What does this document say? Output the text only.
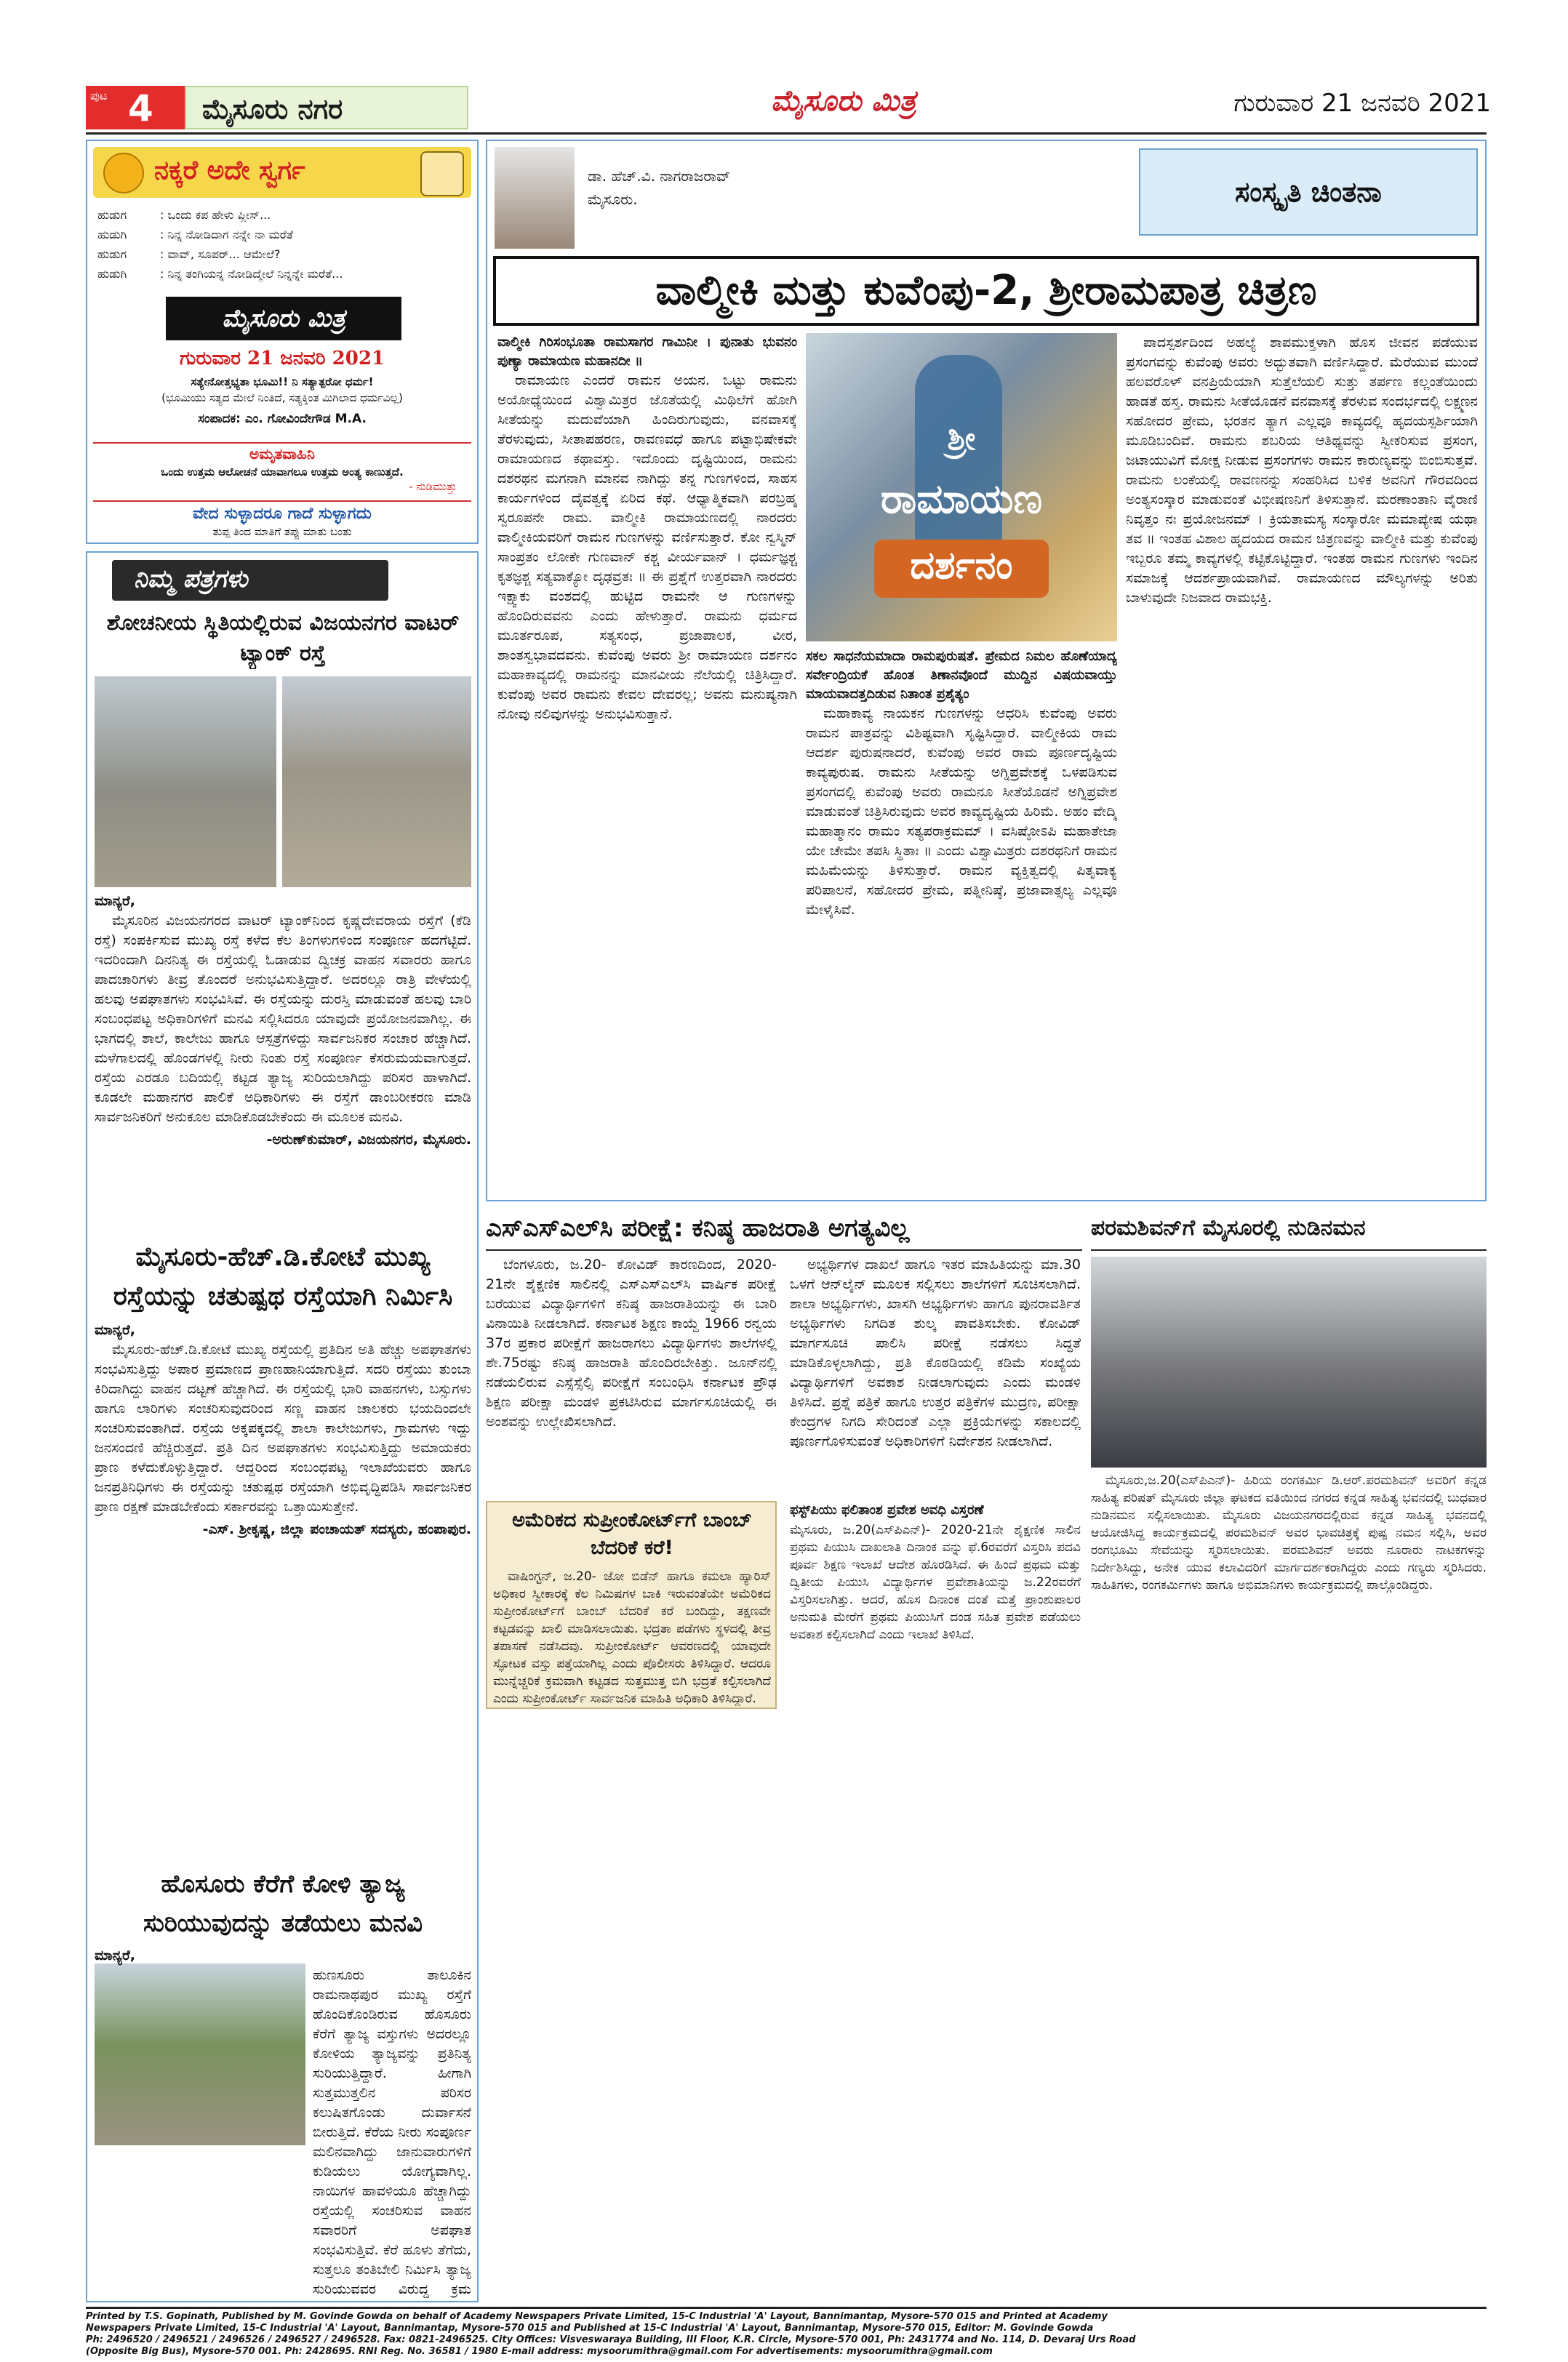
ಪುಟ 4 ಮೈಸೂರು ನಗರ	ಮೈಸೂರು ಮಿತ್ರ	ಗುರುವಾರ 21 ಜನವರಿ 2021
ನಕ್ಕರೆ ಅದೇ ಸ್ವರ್ಗ
ಹುಡುಗ	: ಒಂದು ಕಪ ಹೇಳು ಪ್ಲೀಸ್...
ಹುಡುಗಿ	: ನಿನ್ನ ನೋಡಿದಾಗ ನನ್ನೇ ನಾ ಮರೆತೆ
ಹುಡುಗ	: ವಾವ್, ಸೂಪರ್... ಆಮೇಲೆ?
ಹುಡುಗಿ	: ನಿನ್ನ ತಂಗಿಯನ್ನ ನೋಡಿದ್ಮೇಲೆ ನಿನ್ನನ್ನೇ ಮರೆತೆ...
ಮೈಸೂರು ಮಿತ್ರ
ಗುರುವಾರ 21 ಜನವರಿ 2021
ಸತ್ಯೇನೋತ್ತಭ್ಯತಾ ಭೂಮಿ!! ನಿ ಸತ್ಯಾತ್ಪರೋ ಧರ್ಮ!
(ಭೂಮಿಯು ಸತ್ಯದ ಮೇಲೆ ನಿಂತಿದೆ, ಸತ್ಯಕ್ಕಿಂತ ಮಿಗಿಲಾದ ಧರ್ಮವಿಲ್ಲ)
ಸಂಪಾದಕ: ಎಂ. ಗೋವಿಂದೇಗೌಡ M.A.
ಅಮೃತವಾಹಿನಿ
ಒಂದು ಉತ್ತಮ ಆಲೋಚನೆ ಯಾವಾಗಲೂ ಉತ್ತಮ ಅಂತ್ಯ ಕಾಣುತ್ತದೆ.
- ನುಡಿಮುತ್ತು
ವೇದ ಸುಳ್ಳಾದರೂ ಗಾದೆ ಸುಳ್ಳಾಗದು
ತುಪ್ಪ ತಿಂದ ಮಾತಿಗೆ ತಪ್ಪು ಮಾತು ಬಂತು
ನಿಮ್ಮ ಪತ್ರಗಳು
ಶೋಚನೀಯ ಸ್ಥಿತಿಯಲ್ಲಿರುವ ವಿಜಯನಗರ ವಾಟರ್ ಟ್ಯಾಂಕ್ ರಸ್ತೆ

ಮಾನ್ಯರೆ,

ಮೈಸೂರಿನ ವಿಜಯನಗರದ ವಾಟರ್ ಟ್ಯಾಂಕ್‌ನಿಂದ ಕೃಷ್ಣದೇವರಾಯ ರಸ್ತೆಗೆ (ಕೆಡಿ ರಸ್ತೆ) ಸಂಪರ್ಕಿಸುವ ಮುಖ್ಯ ರಸ್ತೆ ಕಳೆದ ಕೆಲ ತಿಂಗಳುಗಳಿಂದ ಸಂಪೂರ್ಣ ಹದಗೆಟ್ಟಿದೆ. ಇದರಿಂದಾಗಿ ದಿನನಿತ್ಯ ಈ ರಸ್ತೆಯಲ್ಲಿ ಓಡಾಡುವ ದ್ವಿಚಕ್ರ ವಾಹನ ಸವಾರರು ಹಾಗೂ ಪಾದಚಾರಿಗಳು ತೀವ್ರ ತೊಂದರೆ ಅನುಭವಿಸುತ್ತಿದ್ದಾರೆ. ಅದರಲ್ಲೂ ರಾತ್ರಿ ವೇಳೆಯಲ್ಲಿ ಹಲವು ಅಪಘಾತಗಳು ಸಂಭವಿಸಿವೆ. ಈ ರಸ್ತೆಯನ್ನು ದುರಸ್ತಿ ಮಾಡುವಂತೆ ಹಲವು ಬಾರಿ ಸಂಬಂಧಪಟ್ಟ ಅಧಿಕಾರಿಗಳಿಗೆ ಮನವಿ ಸಲ್ಲಿಸಿದರೂ ಯಾವುದೇ ಪ್ರಯೋಜನವಾಗಿಲ್ಲ. ಈ ಭಾಗದಲ್ಲಿ ಶಾಲೆ, ಕಾಲೇಜು ಹಾಗೂ ಆಸ್ಪತ್ರೆಗಳಿದ್ದು ಸಾರ್ವಜನಿಕರ ಸಂಚಾರ ಹೆಚ್ಚಾಗಿದೆ. ಮಳೆಗಾಲದಲ್ಲಿ ಹೊಂಡಗಳಲ್ಲಿ ನೀರು ನಿಂತು ರಸ್ತೆ ಸಂಪೂರ್ಣ ಕೆಸರುಮಯವಾಗುತ್ತದೆ. ರಸ್ತೆಯ ಎರಡೂ ಬದಿಯಲ್ಲಿ ಕಟ್ಟಡ ತ್ಯಾಜ್ಯ ಸುರಿಯಲಾಗಿದ್ದು ಪರಿಸರ ಹಾಳಾಗಿದೆ. ಕೂಡಲೇ ಮಹಾನಗರ ಪಾಲಿಕೆ ಅಧಿಕಾರಿಗಳು ಈ ರಸ್ತೆಗೆ ಡಾಂಬರೀಕರಣ ಮಾಡಿ ಸಾರ್ವಜನಿಕರಿಗೆ ಅನುಕೂಲ ಮಾಡಿಕೊಡಬೇಕೆಂದು ಈ ಮೂಲಕ ಮನವಿ.

-ಅರುಣ್‌ಕುಮಾರ್, ವಿಜಯನಗರ, ಮೈಸೂರು.

ಮೈಸೂರು-ಹೆಚ್.ಡಿ.ಕೋಟೆ ಮುಖ್ಯ ರಸ್ತೆಯನ್ನು ಚತುಷ್ಪಥ ರಸ್ತೆಯಾಗಿ ನಿರ್ಮಿಸಿ

ಮಾನ್ಯರೆ,

ಮೈಸೂರು-ಹೆಚ್.ಡಿ.ಕೋಟೆ ಮುಖ್ಯ ರಸ್ತೆಯಲ್ಲಿ ಪ್ರತಿದಿನ ಅತಿ ಹೆಚ್ಚು ಅಪಘಾತಗಳು ಸಂಭವಿಸುತ್ತಿದ್ದು ಅಪಾರ ಪ್ರಮಾಣದ ಪ್ರಾಣಹಾನಿಯಾಗುತ್ತಿದೆ. ಸದರಿ ರಸ್ತೆಯು ತುಂಬಾ ಕಿರಿದಾಗಿದ್ದು ವಾಹನ ದಟ್ಟಣೆ ಹೆಚ್ಚಾಗಿದೆ. ಈ ರಸ್ತೆಯಲ್ಲಿ ಭಾರಿ ವಾಹನಗಳು, ಬಸ್ಸುಗಳು ಹಾಗೂ ಲಾರಿಗಳು ಸಂಚರಿಸುವುದರಿಂದ ಸಣ್ಣ ವಾಹನ ಚಾಲಕರು ಭಯದಿಂದಲೇ ಸಂಚರಿಸುವಂತಾಗಿದೆ. ರಸ್ತೆಯ ಅಕ್ಕಪಕ್ಕದಲ್ಲಿ ಶಾಲಾ ಕಾಲೇಜುಗಳು, ಗ್ರಾಮಗಳು ಇದ್ದು ಜನಸಂದಣಿ ಹೆಚ್ಚಿರುತ್ತದೆ. ಪ್ರತಿ ದಿನ ಅಪಘಾತಗಳು ಸಂಭವಿಸುತ್ತಿದ್ದು ಅಮಾಯಕರು ಪ್ರಾಣ ಕಳೆದುಕೊಳ್ಳುತ್ತಿದ್ದಾರೆ. ಆದ್ದರಿಂದ ಸಂಬಂಧಪಟ್ಟ ಇಲಾಖೆಯವರು ಹಾಗೂ ಜನಪ್ರತಿನಿಧಿಗಳು ಈ ರಸ್ತೆಯನ್ನು ಚತುಷ್ಪಥ ರಸ್ತೆಯಾಗಿ ಅಭಿವೃದ್ಧಿಪಡಿಸಿ ಸಾರ್ವಜನಿಕರ ಪ್ರಾಣ ರಕ್ಷಣೆ ಮಾಡಬೇಕೆಂದು ಸರ್ಕಾರವನ್ನು ಒತ್ತಾಯಿಸುತ್ತೇನೆ.

-ಎಸ್. ಶ್ರೀಕೃಷ್ಣ, ಜಿಲ್ಲಾ ಪಂಚಾಯತ್ ಸದಸ್ಯರು, ಹಂಪಾಪುರ.

ಹೊಸೂರು ಕೆರೆಗೆ ಕೋಳಿ ತ್ಯಾಜ್ಯ ಸುರಿಯುವುದನ್ನು ತಡೆಯಲು ಮನವಿ

ಮಾನ್ಯರೆ,

ಹುಣಸೂರು ತಾಲೂಕಿನ ರಾಮನಾಥಪುರ ಮುಖ್ಯ ರಸ್ತೆಗೆ ಹೊಂದಿಕೊಂಡಿರುವ ಹೊಸೂರು ಕೆರೆಗೆ ತ್ಯಾಜ್ಯ ವಸ್ತುಗಳು ಅದರಲ್ಲೂ ಕೋಳಿಯ ತ್ಯಾಜ್ಯವನ್ನು ಪ್ರತಿನಿತ್ಯ ಸುರಿಯುತ್ತಿದ್ದಾರೆ. ಹೀಗಾಗಿ ಸುತ್ತಮುತ್ತಲಿನ ಪರಿಸರ ಕಲುಷಿತಗೊಂಡು ದುರ್ವಾಸನೆ ಬೀರುತ್ತಿದೆ. ಕೆರೆಯ ನೀರು ಸಂಪೂರ್ಣ ಮಲಿನವಾಗಿದ್ದು ಜಾನುವಾರುಗಳಿಗೆ ಕುಡಿಯಲು ಯೋಗ್ಯವಾಗಿಲ್ಲ. ನಾಯಿಗಳ ಹಾವಳಿಯೂ ಹೆಚ್ಚಾಗಿದ್ದು ರಸ್ತೆಯಲ್ಲಿ ಸಂಚರಿಸುವ ವಾಹನ ಸವಾರರಿಗೆ ಅಪಘಾತ ಸಂಭವಿಸುತ್ತಿವೆ. ಕೆರೆ ಹೂಳು ತೆಗೆದು, ಸುತ್ತಲೂ ತಂತಿಬೇಲಿ ನಿರ್ಮಿಸಿ ತ್ಯಾಜ್ಯ ಸುರಿಯುವವರ ವಿರುದ್ಧ ಕ್ರಮ

ಡಾ. ಹೆಚ್.ವಿ. ನಾಗರಾಜರಾವ್
ಮೈಸೂರು.	ಸಂಸ್ಕೃತಿ ಚಿಂತನಾ
ವಾಲ್ಮೀಕಿ ಮತ್ತು ಕುವೆಂಪು-2, ಶ್ರೀರಾಮಪಾತ್ರ ಚಿತ್ರಣ

ವಾಲ್ಮೀಕಿ ಗಿರಿಸಂಭೂತಾ ರಾಮಸಾಗರ ಗಾಮಿನೀ । ಪುನಾತು ಭುವನಂ ಪುಣ್ಯಾ ರಾಮಾಯಣ ಮಹಾನದೀ ॥

ರಾಮಾಯಣ ಎಂದರೆ ರಾಮನ ಅಯನ. ಒಟ್ಟು ರಾಮನು ಅಯೋಧ್ಯೆಯಿಂದ ವಿಶ್ವಾಮಿತ್ರರ ಜೊತೆಯಲ್ಲಿ ಮಿಥಿಲೆಗೆ ಹೋಗಿ ಸೀತೆಯನ್ನು ಮದುವೆಯಾಗಿ ಹಿಂದಿರುಗುವುದು, ವನವಾಸಕ್ಕೆ ತೆರಳುವುದು, ಸೀತಾಪಹರಣ, ರಾವಣವಧೆ ಹಾಗೂ ಪಟ್ಟಾಭಿಷೇಕವೇ ರಾಮಾಯಣದ ಕಥಾವಸ್ತು. ಇದೊಂದು ದೃಷ್ಟಿಯಿಂದ, ರಾಮನು ದಶರಥನ ಮಗನಾಗಿ ಮಾನವ ನಾಗಿದ್ದು ತನ್ನ ಗುಣಗಳಿಂದ, ಸಾಹಸ ಕಾರ್ಯಗಳಿಂದ ದೈವತ್ವಕ್ಕೆ ಏರಿದ ಕಥೆ. ಆಧ್ಯಾತ್ಮಿಕವಾಗಿ ಪರಬ್ರಹ್ಮ ಸ್ವರೂಪನೇ ರಾಮ. ವಾಲ್ಮೀಕಿ ರಾಮಾಯಣದಲ್ಲಿ ನಾರದರು ವಾಲ್ಮೀಕಿಯವರಿಗೆ ರಾಮನ ಗುಣಗಳನ್ನು ವರ್ಣಿಸುತ್ತಾರೆ. ಕೋ ನ್ವಸ್ಮಿನ್ ಸಾಂಪ್ರತಂ ಲೋಕೇ ಗುಣವಾನ್ ಕಶ್ಚ ವೀರ್ಯವಾನ್ । ಧರ್ಮಜ್ಞಶ್ಚ ಕೃತಜ್ಞಶ್ಚ ಸತ್ಯವಾಕ್ಯೋ ದೃಢವ್ರತಃ ॥ ಈ ಪ್ರಶ್ನೆಗೆ ಉತ್ತರವಾಗಿ ನಾರದರು ಇಕ್ಷ್ವಾಕು ವಂಶದಲ್ಲಿ ಹುಟ್ಟಿದ ರಾಮನೇ ಆ ಗುಣಗಳನ್ನು ಹೊಂದಿರುವವನು ಎಂದು ಹೇಳುತ್ತಾರೆ. ರಾಮನು ಧರ್ಮದ ಮೂರ್ತರೂಪ, ಸತ್ಯಸಂಧ, ಪ್ರಜಾಪಾಲಕ, ವೀರ, ಶಾಂತಸ್ವಭಾವದವನು. ಕುವೆಂಪು ಅವರು ಶ್ರೀ ರಾಮಾಯಣ ದರ್ಶನಂ ಮಹಾಕಾವ್ಯದಲ್ಲಿ ರಾಮನನ್ನು ಮಾನವೀಯ ನೆಲೆಯಲ್ಲಿ ಚಿತ್ರಿಸಿದ್ದಾರೆ. ಕುವೆಂಪು ಅವರ ರಾಮನು ಕೇವಲ ದೇವರಲ್ಲ; ಅವನು ಮನುಷ್ಯನಾಗಿ ನೋವು ನಲಿವುಗಳನ್ನು ಅನುಭವಿಸುತ್ತಾನೆ.

ಶ್ರೀ
ರಾಮಾಯಣ
ದರ್ಶನಂ

ಸಕಲ ಸಾಧನೆಯಮಾದಾ ರಾಮಪುರುಷತೆ. ಪ್ರೇಮದ ನಿಮಲ ಹೊಣೆಯಾದ್ಯ ಸರ್ವೇಂದ್ರಿಯಕೆ ಹೊಂತ ತಿಣಾನವೊಂದೆ ಮುದ್ದಿನ ವಿಷಯವಾಯ್ತು ಮಾಯವಾದತ್ತದಿಡುವ ನಿತಾಂತ ಪ್ರಶೈತ್ಯಂ

ಮಹಾಕಾವ್ಯ ನಾಯಕನ ಗುಣಗಳನ್ನು ಆಧರಿಸಿ ಕುವೆಂಪು ಅವರು ರಾಮನ ಪಾತ್ರವನ್ನು ವಿಶಿಷ್ಟವಾಗಿ ಸೃಷ್ಟಿಸಿದ್ದಾರೆ. ವಾಲ್ಮೀಕಿಯ ರಾಮ ಆದರ್ಶ ಪುರುಷನಾದರೆ, ಕುವೆಂಪು ಅವರ ರಾಮ ಪೂರ್ಣದೃಷ್ಟಿಯ ಕಾವ್ಯಪುರುಷ. ರಾಮನು ಸೀತೆಯನ್ನು ಅಗ್ನಿಪ್ರವೇಶಕ್ಕೆ ಒಳಪಡಿಸುವ ಪ್ರಸಂಗದಲ್ಲಿ ಕುವೆಂಪು ಅವರು ರಾಮನೂ ಸೀತೆಯೊಡನೆ ಅಗ್ನಿಪ್ರವೇಶ ಮಾಡುವಂತೆ ಚಿತ್ರಿಸಿರುವುದು ಅವರ ಕಾವ್ಯದೃಷ್ಟಿಯ ಹಿರಿಮೆ. ಅಹಂ ವೇದ್ಮಿ ಮಹಾತ್ಮಾನಂ ರಾಮಂ ಸತ್ಯಪರಾಕ್ರಮಮ್ । ವಸಿಷ್ಠೋಽಪಿ ಮಹಾತೇಜಾ ಯೇ ಚೇಮೇ ತಪಸಿ ಸ್ಥಿತಾಃ ॥ ಎಂದು ವಿಶ್ವಾಮಿತ್ರರು ದಶರಥನಿಗೆ ರಾಮನ ಮಹಿಮೆಯನ್ನು ತಿಳಿಸುತ್ತಾರೆ. ರಾಮನ ವ್ಯಕ್ತಿತ್ವದಲ್ಲಿ ಪಿತೃವಾಕ್ಯ ಪರಿಪಾಲನೆ, ಸಹೋದರ ಪ್ರೇಮ, ಪತ್ನೀನಿಷ್ಠೆ, ಪ್ರಜಾವಾತ್ಸಲ್ಯ ಎಲ್ಲವೂ ಮೇಳೈಸಿವೆ.

ಪಾದಸ್ಪರ್ಶದಿಂದ ಅಹಲ್ಯೆ ಶಾಪಮುಕ್ತಳಾಗಿ ಹೊಸ ಜೀವನ ಪಡೆಯುವ ಪ್ರಸಂಗವನ್ನು ಕುವೆಂಪು ಅವರು ಅದ್ಭುತವಾಗಿ ವರ್ಣಿಸಿದ್ದಾರೆ. ಮೆರೆಯುವ ಮುಂದೆ ಹಲವರೊಳ್ ವನಪ್ರಿಯೆಯಾಗಿ ಸುತ್ತೆಲೆಯಲಿ ಸುತ್ತು ತರ್ಪಣ ಕಲ್ಲಂತೆಯಿಂದು ಹಾಡತೆ ಹಸ್ತ. ರಾಮನು ಸೀತೆಯೊಡನೆ ವನವಾಸಕ್ಕೆ ತೆರಳುವ ಸಂದರ್ಭದಲ್ಲಿ ಲಕ್ಷ್ಮಣನ ಸಹೋದರ ಪ್ರೇಮ, ಭರತನ ತ್ಯಾಗ ಎಲ್ಲವೂ ಕಾವ್ಯದಲ್ಲಿ ಹೃದಯಸ್ಪರ್ಶಿಯಾಗಿ ಮೂಡಿಬಂದಿವೆ. ರಾಮನು ಶಬರಿಯ ಆತಿಥ್ಯವನ್ನು ಸ್ವೀಕರಿಸುವ ಪ್ರಸಂಗ, ಜಟಾಯುವಿಗೆ ಮೋಕ್ಷ ನೀಡುವ ಪ್ರಸಂಗಗಳು ರಾಮನ ಕಾರುಣ್ಯವನ್ನು ಬಿಂಬಿಸುತ್ತವೆ. ರಾಮನು ಲಂಕೆಯಲ್ಲಿ ರಾವಣನನ್ನು ಸಂಹರಿಸಿದ ಬಳಿಕ ಅವನಿಗೆ ಗೌರವದಿಂದ ಅಂತ್ಯಸಂಸ್ಕಾರ ಮಾಡುವಂತೆ ವಿಭೀಷಣನಿಗೆ ತಿಳಿಸುತ್ತಾನೆ. ಮರಣಾಂತಾನಿ ವೈರಾಣಿ ನಿವೃತ್ತಂ ನಃ ಪ್ರಯೋಜನಮ್ । ಕ್ರಿಯತಾಮಸ್ಯ ಸಂಸ್ಕಾರೋ ಮಮಾಪ್ಯೇಷ ಯಥಾ ತವ ॥ ಇಂತಹ ವಿಶಾಲ ಹೃದಯದ ರಾಮನ ಚಿತ್ರಣವನ್ನು ವಾಲ್ಮೀಕಿ ಮತ್ತು ಕುವೆಂಪು ಇಬ್ಬರೂ ತಮ್ಮ ಕಾವ್ಯಗಳಲ್ಲಿ ಕಟ್ಟಿಕೊಟ್ಟಿದ್ದಾರೆ. ಇಂತಹ ರಾಮನ ಗುಣಗಳು ಇಂದಿನ ಸಮಾಜಕ್ಕೆ ಆದರ್ಶಪ್ರಾಯವಾಗಿವೆ. ರಾಮಾಯಣದ ಮೌಲ್ಯಗಳನ್ನು ಅರಿತು ಬಾಳುವುದೇ ನಿಜವಾದ ರಾಮಭಕ್ತಿ.

ಎಸ್‌ಎಸ್‌ಎಲ್‌ಸಿ ಪರೀಕ್ಷೆ: ಕನಿಷ್ಠ ಹಾಜರಾತಿ ಅಗತ್ಯವಿಲ್ಲ
ಬೆಂಗಳೂರು, ಜ.20- ಕೋವಿಡ್ ಕಾರಣದಿಂದ, 2020-21ನೇ ಶೈಕ್ಷಣಿಕ ಸಾಲಿನಲ್ಲಿ ಎಸ್‌ಎಸ್‌ಎಲ್‌ಸಿ ವಾರ್ಷಿಕ ಪರೀಕ್ಷೆ ಬರೆಯುವ ವಿದ್ಯಾರ್ಥಿಗಳಿಗೆ ಕನಿಷ್ಠ ಹಾಜರಾತಿಯನ್ನು ಈ ಬಾರಿ ವಿನಾಯಿತಿ ನೀಡಲಾಗಿದೆ. ಕರ್ನಾಟಕ ಶಿಕ್ಷಣ ಕಾಯ್ದೆ 1966 ರನ್ವಯ 37ರ ಪ್ರಕಾರ ಪರೀಕ್ಷೆಗೆ ಹಾಜರಾಗಲು ವಿದ್ಯಾರ್ಥಿಗಳು ಶಾಲೆಗಳಲ್ಲಿ ಶೇ.75ರಷ್ಟು ಕನಿಷ್ಠ ಹಾಜರಾತಿ ಹೊಂದಿರಬೇಕಿತ್ತು. ಜೂನ್‌ನಲ್ಲಿ ನಡೆಯಲಿರುವ ಎಸ್ಸೆಸ್ಸೆಲ್ಸಿ ಪರೀಕ್ಷೆಗೆ ಸಂಬಂಧಿಸಿ ಕರ್ನಾಟಕ ಪ್ರೌಢ ಶಿಕ್ಷಣ ಪರೀಕ್ಷಾ ಮಂಡಳಿ ಪ್ರಕಟಿಸಿರುವ ಮಾರ್ಗಸೂಚಿಯಲ್ಲಿ ಈ ಅಂಶವನ್ನು ಉಲ್ಲೇಖಿಸಲಾಗಿದೆ.
ಅಭ್ಯರ್ಥಿಗಳ ದಾಖಲೆ ಹಾಗೂ ಇತರ ಮಾಹಿತಿಯನ್ನು ಮಾ.30 ಒಳಗೆ ಆನ್‌ಲೈನ್ ಮೂಲಕ ಸಲ್ಲಿಸಲು ಶಾಲೆಗಳಿಗೆ ಸೂಚಿಸಲಾಗಿದೆ. ಶಾಲಾ ಅಭ್ಯರ್ಥಿಗಳು, ಖಾಸಗಿ ಅಭ್ಯರ್ಥಿಗಳು ಹಾಗೂ ಪುನರಾವರ್ತಿತ ಅಭ್ಯರ್ಥಿಗಳು ನಿಗದಿತ ಶುಲ್ಕ ಪಾವತಿಸಬೇಕು. ಕೋವಿಡ್ ಮಾರ್ಗಸೂಚಿ ಪಾಲಿಸಿ ಪರೀಕ್ಷೆ ನಡೆಸಲು ಸಿದ್ಧತೆ ಮಾಡಿಕೊಳ್ಳಲಾಗಿದ್ದು, ಪ್ರತಿ ಕೊಠಡಿಯಲ್ಲಿ ಕಡಿಮೆ ಸಂಖ್ಯೆಯ ವಿದ್ಯಾರ್ಥಿಗಳಿಗೆ ಅವಕಾಶ ನೀಡಲಾಗುವುದು ಎಂದು ಮಂಡಳಿ ತಿಳಿಸಿದೆ. ಪ್ರಶ್ನೆ ಪತ್ರಿಕೆ ಹಾಗೂ ಉತ್ತರ ಪತ್ರಿಕೆಗಳ ಮುದ್ರಣ, ಪರೀಕ್ಷಾ ಕೇಂದ್ರಗಳ ನಿಗದಿ ಸೇರಿದಂತೆ ಎಲ್ಲಾ ಪ್ರಕ್ರಿಯೆಗಳನ್ನು ಸಕಾಲದಲ್ಲಿ ಪೂರ್ಣಗೊಳಿಸುವಂತೆ ಅಧಿಕಾರಿಗಳಿಗೆ ನಿರ್ದೇಶನ ನೀಡಲಾಗಿದೆ.
ಅಮೆರಿಕದ ಸುಪ್ರೀಂಕೋರ್ಟ್‌ಗೆ ಬಾಂಬ್ ಬೆದರಿಕೆ ಕರೆ!
ವಾಷಿಂಗ್ಟನ್, ಜ.20- ಜೋ ಬಿಡೆನ್ ಹಾಗೂ ಕಮಲಾ ಹ್ಯಾರಿಸ್ ಅಧಿಕಾರ ಸ್ವೀಕಾರಕ್ಕೆ ಕೆಲ ನಿಮಿಷಗಳ ಬಾಕಿ ಇರುವಂತೆಯೇ ಅಮೆರಿಕದ ಸುಪ್ರೀಂಕೋರ್ಟ್‌ಗೆ ಬಾಂಬ್ ಬೆದರಿಕೆ ಕರೆ ಬಂದಿದ್ದು, ತಕ್ಷಣವೇ ಕಟ್ಟಡವನ್ನು ಖಾಲಿ ಮಾಡಿಸಲಾಯಿತು. ಭದ್ರತಾ ಪಡೆಗಳು ಸ್ಥಳದಲ್ಲಿ ತೀವ್ರ ತಪಾಸಣೆ ನಡೆಸಿದವು. ಸುಪ್ರೀಂಕೋರ್ಟ್ ಆವರಣದಲ್ಲಿ ಯಾವುದೇ ಸ್ಫೋಟಕ ವಸ್ತು ಪತ್ತೆಯಾಗಿಲ್ಲ ಎಂದು ಪೊಲೀಸರು ತಿಳಿಸಿದ್ದಾರೆ. ಆದರೂ ಮುನ್ನೆಚ್ಚರಿಕೆ ಕ್ರಮವಾಗಿ ಕಟ್ಟಡದ ಸುತ್ತಮುತ್ತ ಬಿಗಿ ಭದ್ರತೆ ಕಲ್ಪಿಸಲಾಗಿದೆ ಎಂದು ಸುಪ್ರೀಂಕೋರ್ಟ್ ಸಾರ್ವಜನಿಕ ಮಾಹಿತಿ ಅಧಿಕಾರಿ ತಿಳಿಸಿದ್ದಾರೆ.
ಫಸ್ಟ್‌ಪಿಯು ಫಲಿತಾಂಶ ಪ್ರವೇಶ ಅವಧಿ ವಿಸ್ತರಣೆ
ಮೈಸೂರು, ಜ.20(ಎಸ್‌ಪಿಎನ್)- 2020-21ನೇ ಶೈಕ್ಷಣಿಕ ಸಾಲಿನ ಪ್ರಥಮ ಪಿಯುಸಿ ದಾಖಲಾತಿ ದಿನಾಂಕ ವನ್ನು ಫೆ.6ರವರೆಗೆ ವಿಸ್ತರಿಸಿ ಪದವಿ ಪೂರ್ವ ಶಿಕ್ಷಣ ಇಲಾಖೆ ಆದೇಶ ಹೊರಡಿಸಿದೆ. ಈ ಹಿಂದೆ ಪ್ರಥಮ ಮತ್ತು ದ್ವಿತೀಯ ಪಿಯುಸಿ ವಿದ್ಯಾರ್ಥಿಗಳ ಪ್ರವೇಶಾತಿಯನ್ನು ಜ.22ರವರೆಗೆ ವಿಸ್ತರಿಸಲಾಗಿತ್ತು. ಆದರೆ, ಹೊಸ ದಿನಾಂಕ ದಂತೆ ಮತ್ತೆ ಪ್ರಾಂಶುಪಾಲರ ಅನುಮತಿ ಮೇರೆಗೆ ಪ್ರಥಮ ಪಿಯುಸಿಗೆ ದಂಡ ಸಹಿತ ಪ್ರವೇಶ ಪಡೆಯಲು ಅವಕಾಶ ಕಲ್ಪಿಸಲಾಗಿದೆ ಎಂದು ಇಲಾಖೆ ತಿಳಿಸಿದೆ.
ಪರಮಶಿವನ್‌ಗೆ ಮೈಸೂರಲ್ಲಿ ನುಡಿನಮನ
ಮೈಸೂರು,ಜ.20(ಎಸ್‌ಪಿಎನ್)- ಹಿರಿಯ ರಂಗಕರ್ಮಿ ಡಿ.ಆರ್.ಪರಮಶಿವನ್ ಅವರಿಗೆ ಕನ್ನಡ ಸಾಹಿತ್ಯ ಪರಿಷತ್ ಮೈಸೂರು ಜಿಲ್ಲಾ ಘಟಕದ ವತಿಯಿಂದ ನಗರದ ಕನ್ನಡ ಸಾಹಿತ್ಯ ಭವನದಲ್ಲಿ ಬುಧವಾರ ನುಡಿನಮನ ಸಲ್ಲಿಸಲಾಯಿತು. ಮೈಸೂರು ವಿಜಯನಗರದಲ್ಲಿರುವ ಕನ್ನಡ ಸಾಹಿತ್ಯ ಭವನದಲ್ಲಿ ಆಯೋಜಿಸಿದ್ದ ಕಾರ್ಯಕ್ರಮದಲ್ಲಿ ಪರಮಶಿವನ್ ಅವರ ಭಾವಚಿತ್ರಕ್ಕೆ ಪುಷ್ಪ ನಮನ ಸಲ್ಲಿಸಿ, ಅವರ ರಂಗಭೂಮಿ ಸೇವೆಯನ್ನು ಸ್ಮರಿಸಲಾಯಿತು. ಪರಮಶಿವನ್ ಅವರು ನೂರಾರು ನಾಟಕಗಳನ್ನು ನಿರ್ದೇಶಿಸಿದ್ದು, ಅನೇಕ ಯುವ ಕಲಾವಿದರಿಗೆ ಮಾರ್ಗದರ್ಶಕರಾಗಿದ್ದರು ಎಂದು ಗಣ್ಯರು ಸ್ಮರಿಸಿದರು. ಸಾಹಿತಿಗಳು, ರಂಗಕರ್ಮಿಗಳು ಹಾಗೂ ಅಭಿಮಾನಿಗಳು ಕಾರ್ಯಕ್ರಮದಲ್ಲಿ ಪಾಲ್ಗೊಂಡಿದ್ದರು.
Printed by T.S. Gopinath, Published by M. Govinde Gowda on behalf of Academy Newspapers Private Limited, 15-C Industrial 'A' Layout, Bannimantap, Mysore-570 015 and Printed at Academy
Newspapers Private Limited, 15-C Industrial 'A' Layout, Bannimantap, Mysore-570 015 and Published at 15-C Industrial 'A' Layout, Bannimantap, Mysore-570 015, Editor: M. Govinde Gowda
Ph: 2496520 / 2496521 / 2496526 / 2496527 / 2496528. Fax: 0821-2496525. City Offices: Visveswaraya Building, III Floor, K.R. Circle, Mysore-570 001, Ph: 2431774 and No. 114, D. Devaraj Urs Road
(Opposite Big Bus), Mysore-570 001. Ph: 2428695. RNI Reg. No. 36581 / 1980 E-mail address: mysoorumithra@gmail.com For advertisements: mysoorumithra@gmail.com
